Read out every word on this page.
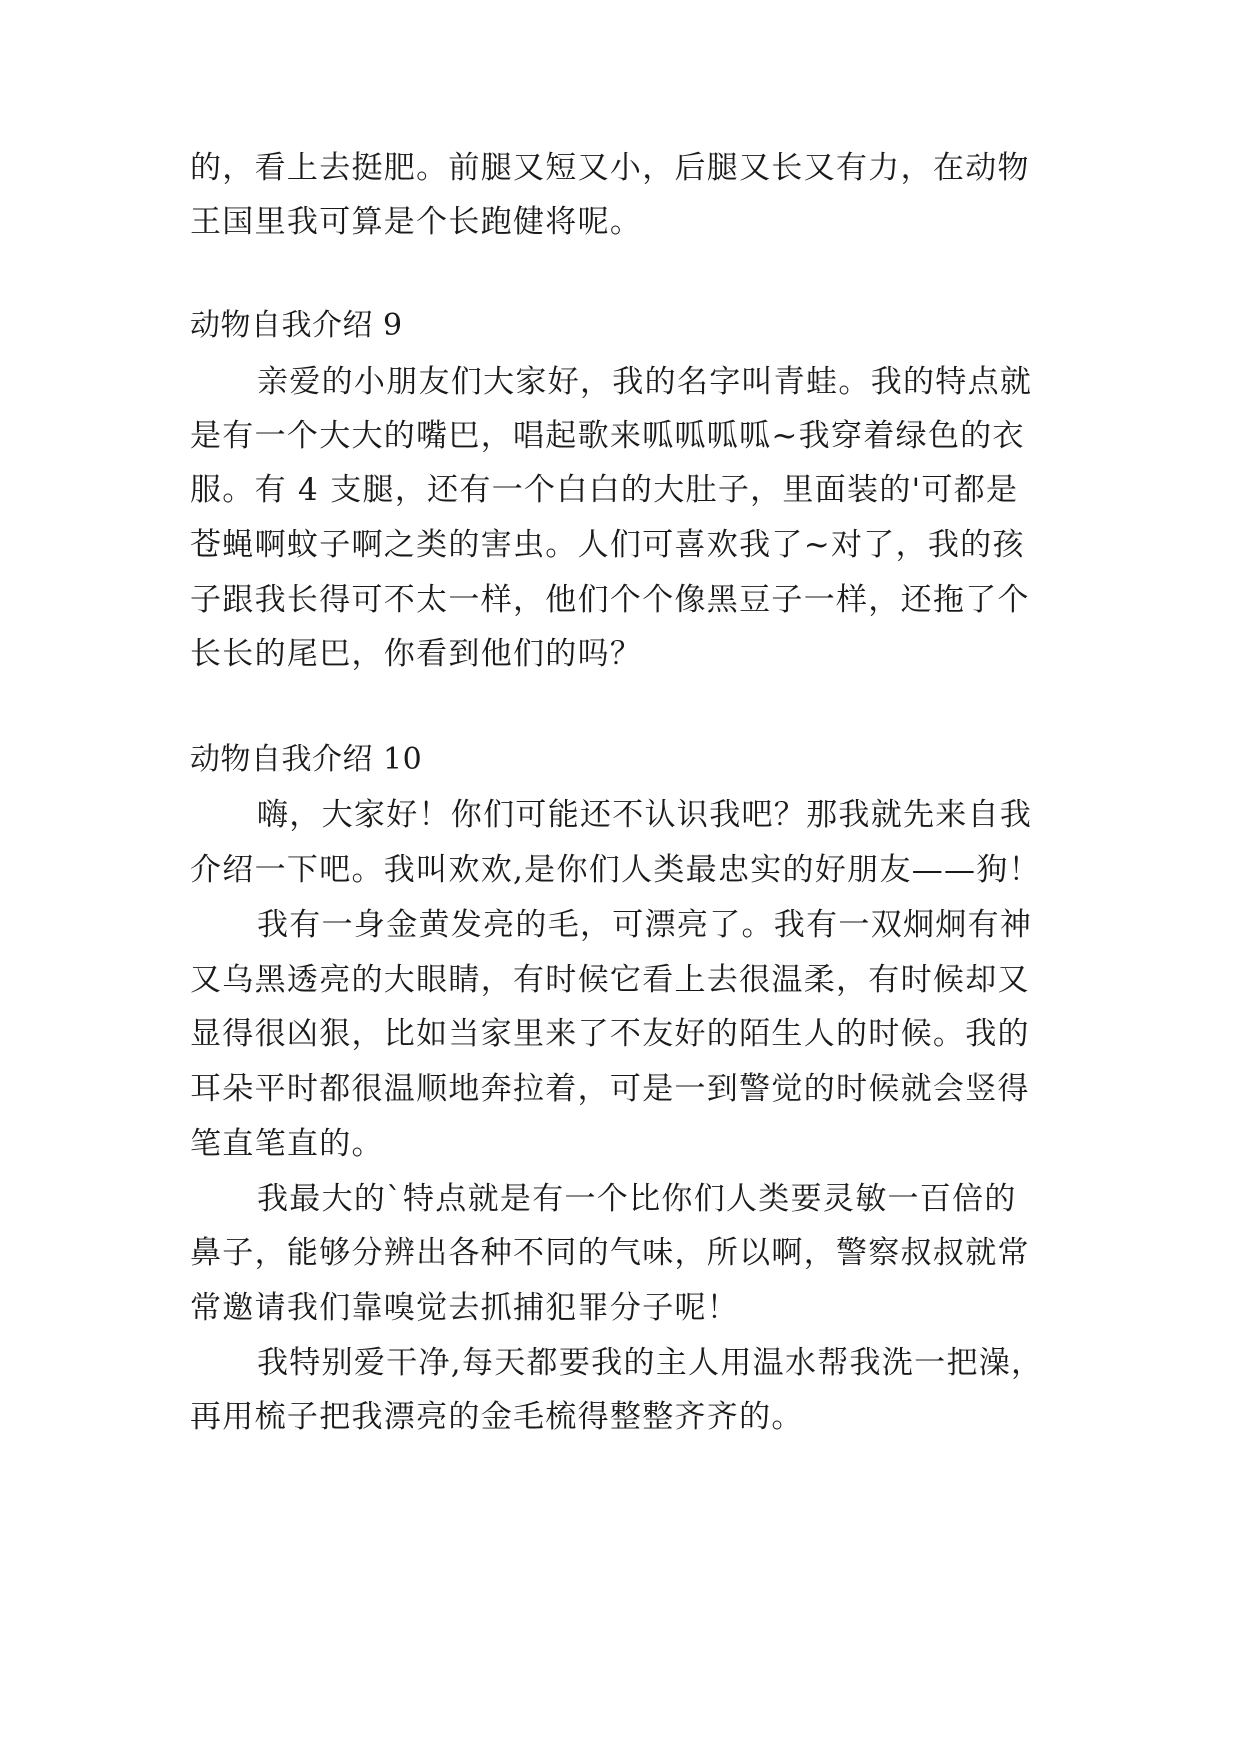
的，看上去挺肥。前腿又短又小，后腿又长又有力，在动物
王国里我可算是个长跑健将呢。
动物自我介绍 9
亲爱的小朋友们大家好，我的名字叫青蛙。我的特点就
是有一个大大的嘴巴，唱起歌来呱呱呱呱~我穿着绿色的衣
服。有 4 支腿，还有一个白白的大肚子，里面装的'可都是
苍蝇啊蚊子啊之类的害虫。人们可喜欢我了~对了，我的孩
子跟我长得可不太一样，他们个个像黑豆子一样，还拖了个
长长的尾巴，你看到他们的吗？
动物自我介绍 10
嗨，大家好！你们可能还不认识我吧？那我就先来自我
介绍一下吧。我叫欢欢,是你们人类最忠实的好朋友——狗！
我有一身金黄发亮的毛，可漂亮了。我有一双炯炯有神
又乌黑透亮的大眼睛，有时候它看上去很温柔，有时候却又
显得很凶狠，比如当家里来了不友好的陌生人的时候。我的
耳朵平时都很温顺地奔拉着，可是一到警觉的时候就会竖得
笔直笔直的。
我最大的`特点就是有一个比你们人类要灵敏一百倍的
鼻子，能够分辨出各种不同的气味，所以啊，警察叔叔就常
常邀请我们靠嗅觉去抓捕犯罪分子呢！
我特别爱干净,每天都要我的主人用温水帮我洗一把澡，
再用梳子把我漂亮的金毛梳得整整齐齐的。
